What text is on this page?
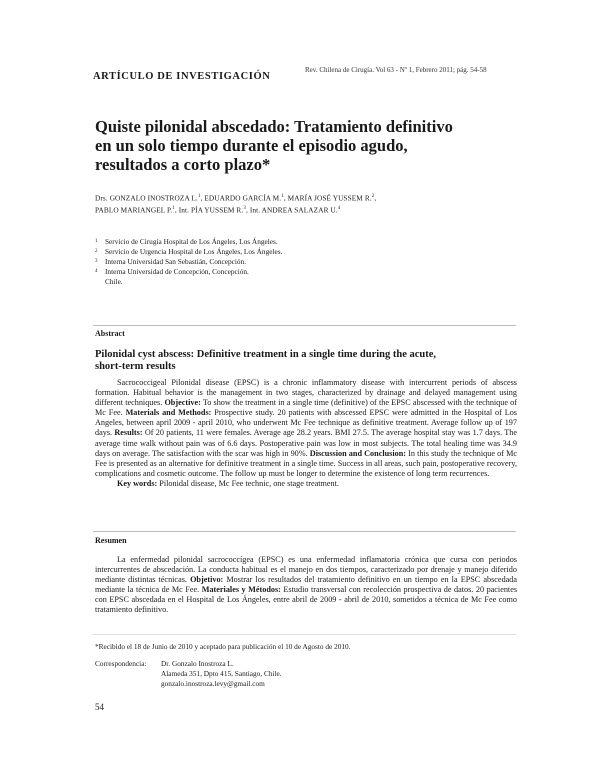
ARTÍCULO DE INVESTIGACIÓN
Rev. Chilena de Cirugía. Vol 63 - Nº 1, Febrero 2011; pág. 54-58
Quiste pilonidal abscedado: Tratamiento definitivo
en un solo tiempo durante el episodio agudo,
resultados a corto plazo*
Drs. GONZALO INOSTROZA L.$^1$, EDUARDO GARCÍA M.$^1$, MARÍA JOSÉ YUSSEM R.$^2$,
PABLO MARIANGEL P.$^1$, Int. PÍA YUSSEM R.$^3$, Int. ANDREA SALAZAR U.$^4$
1 Servicio de Cirugía Hospital de Los Ángeles, Los Ángeles.
2 Servicio de Urgencia Hospital de Los Ángeles, Los Ángeles.
3 Interna Universidad San Sebastián, Concepción.
4 Interna Universidad de Concepción, Concepción.
Chile.
Abstract
Pilonidal cyst abscess: Definitive treatment in a single time during the acute,
short-term results

Sacrococcigeal Pilonidal disease (EPSC) is a chronic inflammatory disease with intercurrent periods of abscess formation. Habitual behavior is the management in two stages, characterized by drainage and delayed management using different techniques. Objective: To show the treatment in a single time (definitive) of the EPSC abscessed with the technique of Mc Fee. Materials and Methods: Prospective study. 20 patients with abscessed EPSC were admitted in the Hospital of Los Angeles, between april 2009 - april 2010, who underwent Mc Fee technique as definitive treatment. Average follow up of 197 days. Results: Of 20 patients, 11 were females. Average age 28.2 years. BMI 27.5. The average hospital stay was 1.7 days. The average time walk without pain was of 6.6 days. Postoperative pain was low in most subjects. The total healing time was 34.9 days on average. The satisfaction with the scar was high in 90%. Discussion and Conclusion: In this study the technique of Mc Fee is presented as an alternative for definitive treatment in a single time. Success in all areas, such pain, postoperative recovery, complications and cosmetic outcome. The follow up must be longer to determine the existence of long term recurrences.

Key words: Pilonidal disease, Mc Fee technic, one stage treatment.

Resumen

La enfermedad pilonidal sacrococcígea (EPSC) es una enfermedad inflamatoria crónica que cursa con periodos intercurrentes de abscedación. La conducta habitual es el manejo en dos tiempos, caracterizado por drenaje y manejo diferido mediante distintas técnicas. Objetivo: Mostrar los resultados del tratamiento definitivo en un tiempo en la EPSC abscedada mediante la técnica de Mc Fee. Materiales y Métodos: Estudio transversal con recolección prospectiva de datos. 20 pacientes con EPSC abscedada en el Hospital de Los Ángeles, entre abril de 2009 - abril de 2010, sometidos a técnica de Mc Fee como tratamiento definitivo.

*Recibido el 18 de Junio de 2010 y aceptado para publicación el 10 de Agosto de 2010.
Correspondencia: Dr. Gonzalo Inostroza L.
Alameda 351, Dpto 415, Santiago, Chile.
gonzalo.inostroza.levy@gmail.com
54
